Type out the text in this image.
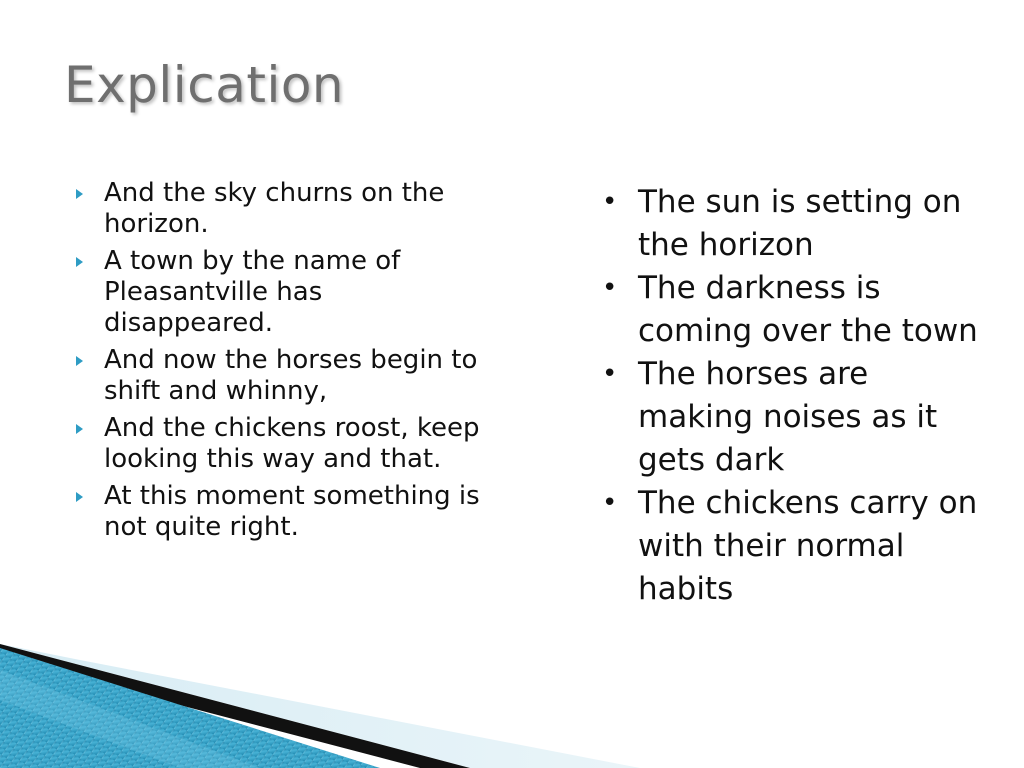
Explication
And the sky churns on the horizon.
A town by the name of Pleasantville has disappeared.
And now the horses begin to shift and whinny,
And the chickens roost, keep looking this way and that.
At this moment something is not quite right.
• The sun is setting on the horizon
• The darkness is coming over the town
• The horses are making noises as it gets dark
• The chickens carry on with their normal habits
